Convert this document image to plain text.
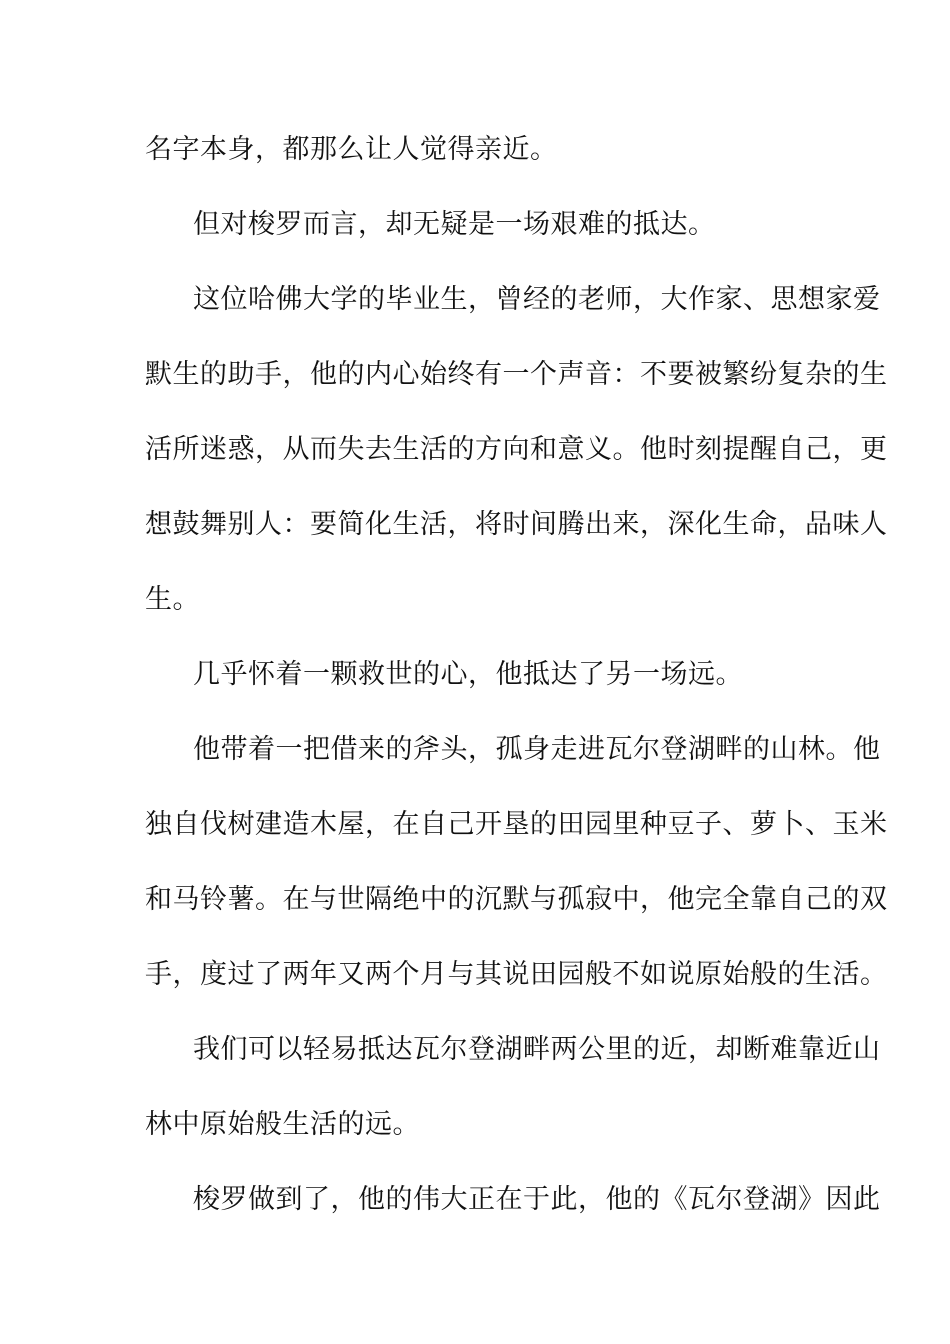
名字本身，都那么让人觉得亲近。
但对梭罗而言，却无疑是一场艰难的抵达。
这位哈佛大学的毕业生，曾经的老师，大作家、思想家爱
默生的助手，他的内心始终有一个声音：不要被繁纷复杂的生
活所迷惑，从而失去生活的方向和意义。他时刻提醒自己，更
想鼓舞别人：要简化生活，将时间腾出来，深化生命，品味人
生。
几乎怀着一颗救世的心，他抵达了另一场远。
他带着一把借来的斧头，孤身走进瓦尔登湖畔的山林。他
独自伐树建造木屋，在自己开垦的田园里种豆子、萝卜、玉米
和马铃薯。在与世隔绝中的沉默与孤寂中，他完全靠自己的双
手，度过了两年又两个月与其说田园般不如说原始般的生活。
我们可以轻易抵达瓦尔登湖畔两公里的近，却断难靠近山
林中原始般生活的远。
梭罗做到了，他的伟大正在于此，他的《瓦尔登湖》因此
